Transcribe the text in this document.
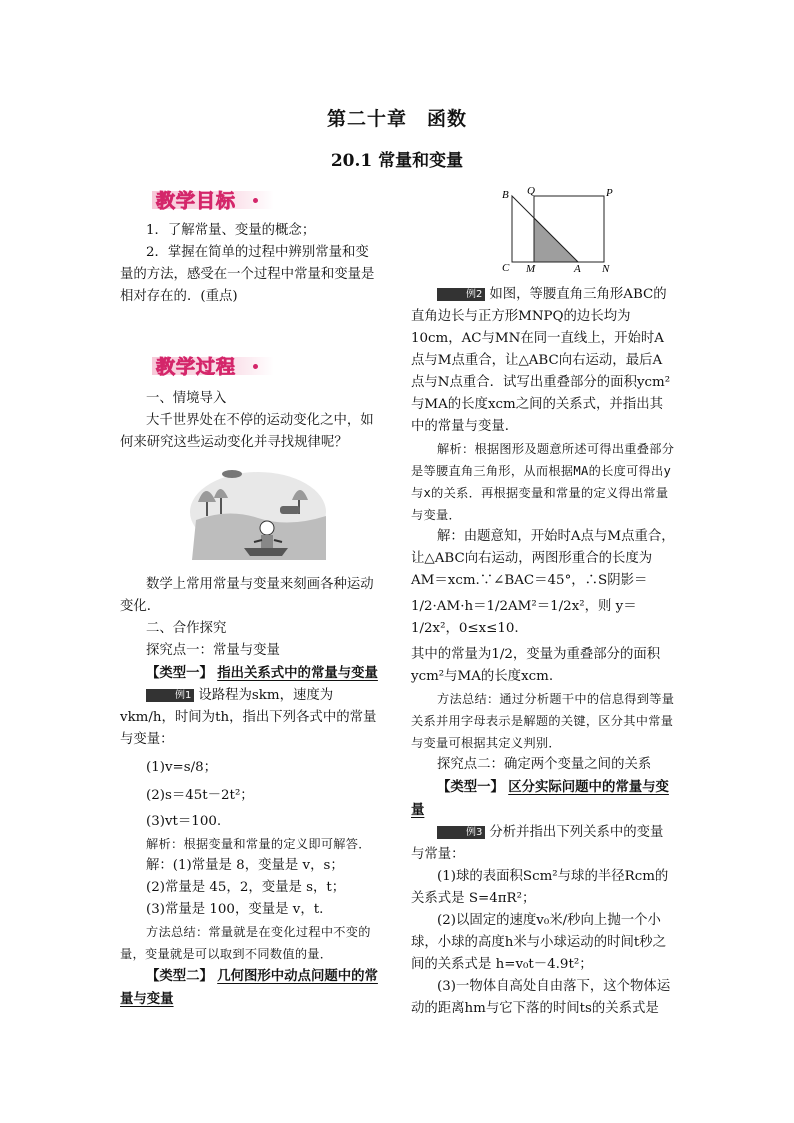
第二十章　函数
20.1 常量和变量
教学目标

1．了解常量、变量的概念；

2．掌握在简单的过程中辨别常量和变量的方法，感受在一个过程中常量和变量是相对存在的．(重点)

教学过程

一、情境导入

大千世界处在不停的运动变化之中，如何来研究这些运动变化并寻找规律呢？

数学上常用常量与变量来刻画各种运动变化．

二、合作探究

探究点一：常量与变量

【类型一】 指出关系式中的常量与变量

例1 设路程为skm，速度为vkm/h，时间为th，指出下列各式中的常量与变量：

(1)v=s/8；

(2)s＝45t－2t²；

(3)vt＝100.

解析：根据变量和常量的定义即可解答．

解：(1)常量是 8，变量是 v，s；

(2)常量是 45，2，变量是 s，t；

(3)常量是 100，变量是 v，t.

方法总结：常量就是在变化过程中不变的量，变量就是可以取到不同数值的量．

【类型二】 几何图形中动点问题中的常量与变量

B Q	P
C M	A N

例2 如图，等腰直角三角形ABC的直角边长与正方形MNPQ的边长均为10cm，AC与MN在同一直线上，开始时A点与M点重合，让△ABC向右运动，最后A点与N点重合．试写出重叠部分的面积ycm²与MA的长度xcm之间的关系式，并指出其中的常量与变量．

解析：根据图形及题意所述可得出重叠部分是等腰直角三角形，从而根据MA的长度可得出y与x的关系．再根据变量和常量的定义得出常量与变量．

解：由题意知，开始时A点与M点重合，让△ABC向右运动，两图形重合的长度为 AM＝xcm.∵∠BAC＝45°，∴S阴影＝

1/2·AM·h＝1/2AM²＝1/2x²，则 y＝1/2x²，0≤x≤10.

其中的常量为1/2，变量为重叠部分的面积ycm²与MA的长度xcm.

方法总结：通过分析题干中的信息得到等量关系并用字母表示是解题的关键，区分其中常量与变量可根据其定义判别．

探究点二：确定两个变量之间的关系

【类型一】 区分实际问题中的常量与变量

例3 分析并指出下列关系中的变量与常量：

(1)球的表面积Scm²与球的半径Rcm的关系式是 S=4πR²；

(2)以固定的速度v₀米/秒向上抛一个小球，小球的高度h米与小球运动的时间t秒之间的关系式是 h=v₀t－4.9t²；

(3)一物体自高处自由落下，这个物体运动的距离hm与它下落的时间ts的关系式是
